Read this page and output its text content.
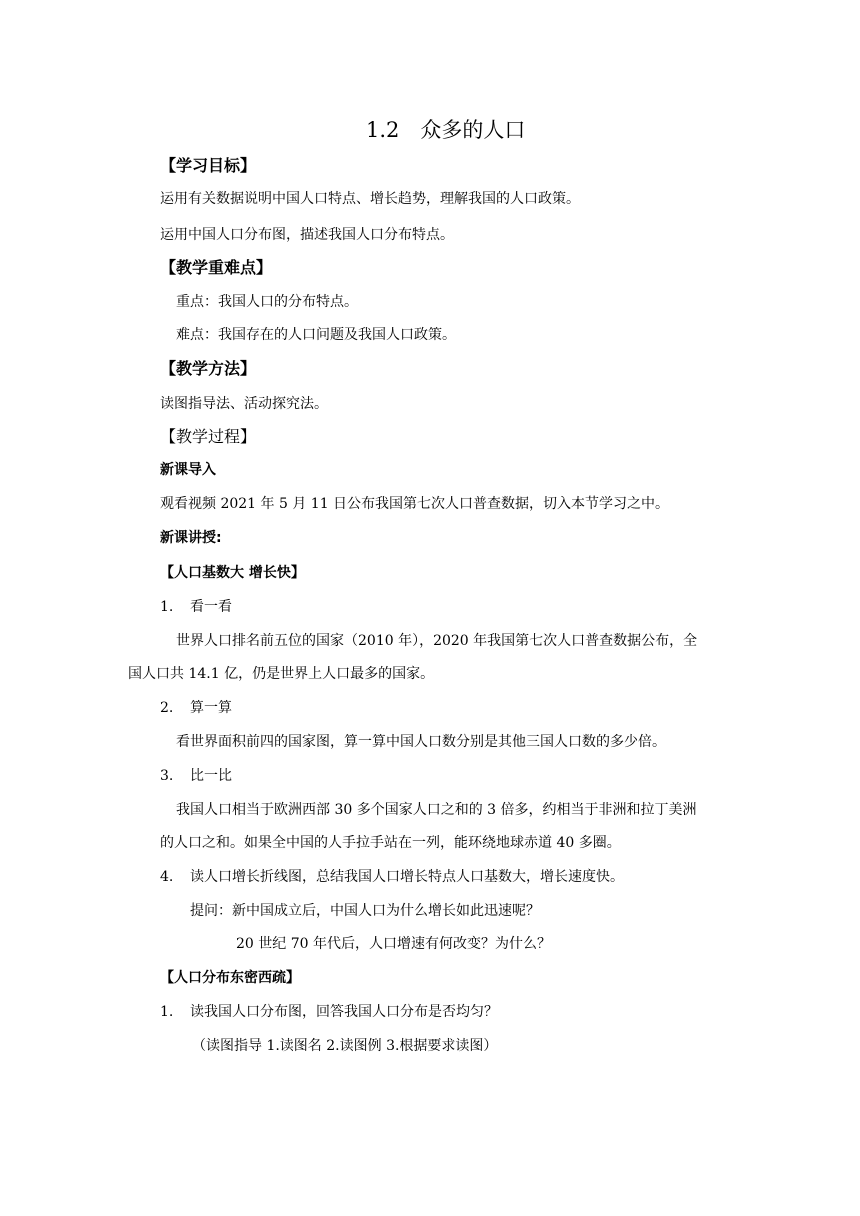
1.2　众多的人口
【学习目标】
运用有关数据说明中国人口特点、增长趋势，理解我国的人口政策。
运用中国人口分布图，描述我国人口分布特点。
【教学重难点】
重点：我国人口的分布特点。
难点：我国存在的人口问题及我国人口政策。
【教学方法】
读图指导法、活动探究法。
【教学过程】
新课导入
观看视频 2021 年 5 月 11 日公布我国第七次人口普查数据，切入本节学习之中。
新课讲授:
【人口基数大 增长快】
1. 看一看
世界人口排名前五位的国家（2010 年），2020 年我国第七次人口普查数据公布，全
国人口共 14.1 亿，仍是世界上人口最多的国家。
2. 算一算
看世界面积前四的国家图，算一算中国人口数分别是其他三国人口数的多少倍。
3. 比一比
我国人口相当于欧洲西部 30 多个国家人口之和的 3 倍多，约相当于非洲和拉丁美洲
的人口之和。如果全中国的人手拉手站在一列，能环绕地球赤道 40 多圈。
4. 读人口增长折线图，总结我国人口增长特点人口基数大，增长速度快。
提问：新中国成立后，中国人口为什么增长如此迅速呢？
20 世纪 70 年代后，人口增速有何改变？为什么？
【人口分布东密西疏】
1. 读我国人口分布图，回答我国人口分布是否均匀？
（读图指导 1.读图名 2.读图例 3.根据要求读图）
